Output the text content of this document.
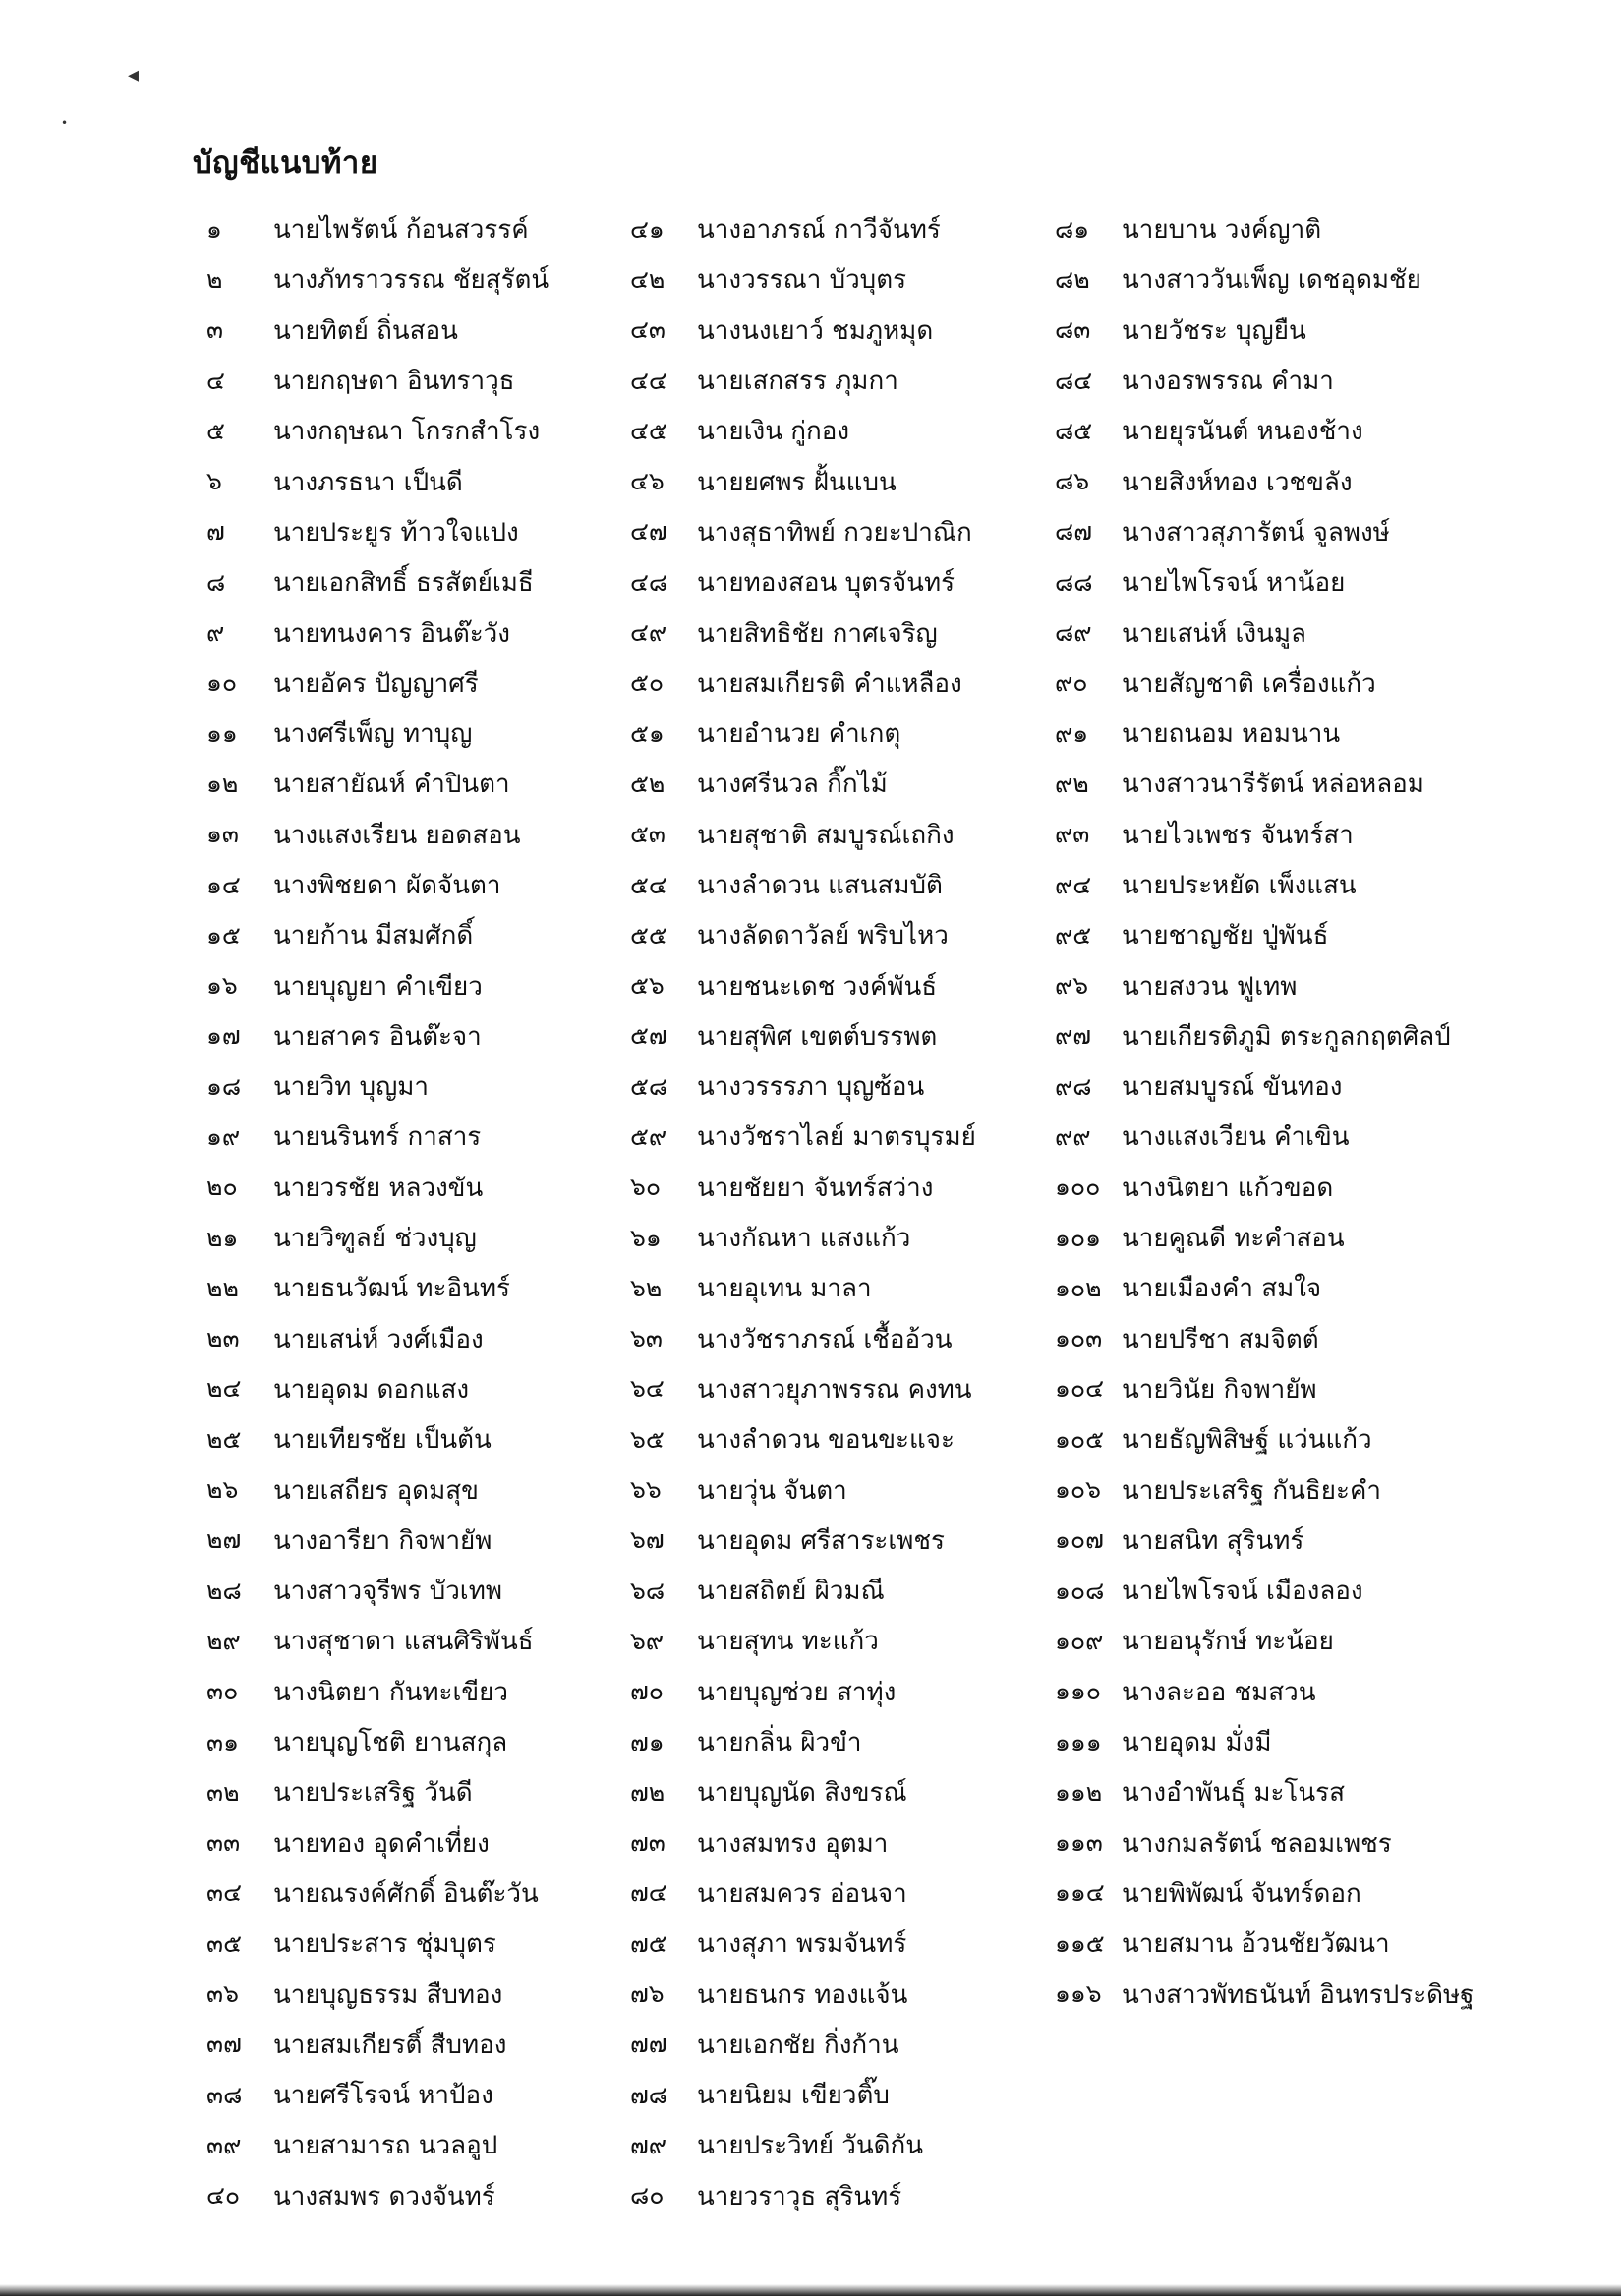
◂
•
บัญชีแนบท้าย
๑	นายไพรัตน์ ก้อนสวรรค์
๒	นางภัทราวรรณ ชัยสุรัตน์
๓	นายทิตย์ ถิ่นสอน
๔	นายกฤษดา อินทราวุธ
๕	นางกฤษณา โกรกสำโรง
๖	นางภรธนา เป็นดี
๗	นายประยูร ท้าวใจแปง
๘	นายเอกสิทธิ์ ธรสัตย์เมธี
๙	นายทนงคาร อินต๊ะวัง
๑๐	นายอัคร ปัญญาศรี
๑๑	นางศรีเพ็ญ ทาบุญ
๑๒	นายสายัณห์ คำปินตา
๑๓	นางแสงเรียน ยอดสอน
๑๔	นางพิชยดา ผัดจันตา
๑๕	นายก้าน มีสมศักดิ์
๑๖	นายบุญยา คำเขียว
๑๗	นายสาคร อินต๊ะจา
๑๘	นายวิท บุญมา
๑๙	นายนรินทร์ กาสาร
๒๐	นายวรชัย หลวงขัน
๒๑	นายวิฑูลย์ ช่วงบุญ
๒๒	นายธนวัฒน์ ทะอินทร์
๒๓	นายเสน่ห์ วงศ์เมือง
๒๔	นายอุดม ดอกแสง
๒๕	นายเทียรชัย เป็นต้น
๒๖	นายเสถียร อุดมสุข
๒๗	นางอารียา กิจพายัพ
๒๘	นางสาวจุรีพร บัวเทพ
๒๙	นางสุชาดา แสนศิริพันธ์
๓๐	นางนิตยา กันทะเขียว
๓๑	นายบุญโชติ ยานสกุล
๓๒	นายประเสริฐ วันดี
๓๓	นายทอง อุดคำเที่ยง
๓๔	นายณรงค์ศักดิ์ อินต๊ะวัน
๓๕	นายประสาร ชุ่มบุตร
๓๖	นายบุญธรรม สืบทอง
๓๗	นายสมเกียรติ์ สืบทอง
๓๘	นายศรีโรจน์ หาป้อง
๓๙	นายสามารถ นวลอูป
๔๐	นางสมพร ดวงจันทร์
๔๑	นางอาภรณ์ กาวีจันทร์
๔๒	นางวรรณา บัวบุตร
๔๓	นางนงเยาว์ ชมภูหมุด
๔๔	นายเสกสรร ภุมกา
๔๕	นายเงิน กู่กอง
๔๖	นายยศพร ฝั้นแบน
๔๗	นางสุธาทิพย์ กวยะปาณิก
๔๘	นายทองสอน บุตรจันทร์
๔๙	นายสิทธิชัย กาศเจริญ
๕๐	นายสมเกียรติ คำแหลือง
๕๑	นายอำนวย คำเกตุ
๕๒	นางศรีนวล กิ๊กไม้
๕๓	นายสุชาติ สมบูรณ์เถกิง
๕๔	นางลำดวน แสนสมบัติ
๕๕	นางลัดดาวัลย์ พริบไหว
๕๖	นายชนะเดช วงค์พันธ์
๕๗	นายสุพิศ เขตต์บรรพต
๕๘	นางวรรรภา บุญซ้อน
๕๙	นางวัชราไลย์ มาตรบุรมย์
๖๐	นายชัยยา จันทร์สว่าง
๖๑	นางกัณหา แสงแก้ว
๖๒	นายอุเทน มาลา
๖๓	นางวัชราภรณ์ เชื้ออ้วน
๖๔	นางสาวยุภาพรรณ คงทน
๖๕	นางลำดวน ขอนขะแจะ
๖๖	นายวุ่น จันตา
๖๗	นายอุดม ศรีสาระเพชร
๖๘	นายสถิตย์ ผิวมณี
๖๙	นายสุทน ทะแก้ว
๗๐	นายบุญช่วย สาทุ่ง
๗๑	นายกลิ่น ผิวขำ
๗๒	นายบุญนัด สิงขรณ์
๗๓	นางสมทรง อุตมา
๗๔	นายสมควร อ่อนจา
๗๕	นางสุภา พรมจันทร์
๗๖	นายธนกร ทองแจ้น
๗๗	นายเอกชัย กิ่งก้าน
๗๘	นายนิยม เขียวติ๊บ
๗๙	นายประวิทย์ วันดิกัน
๘๐	นายวราวุธ สุรินทร์
๘๑	นายบาน วงค์ญาติ
๘๒	นางสาววันเพ็ญ เดชอุดมชัย
๘๓	นายวัชระ บุญยืน
๘๔	นางอรพรรณ คำมา
๘๕	นายยุรนันต์ หนองช้าง
๘๖	นายสิงห์ทอง เวชขลัง
๘๗	นางสาวสุภารัตน์ จูลพงษ์
๘๘	นายไพโรจน์ หาน้อย
๘๙	นายเสน่ห์ เงินมูล
๙๐	นายสัญชาติ เครื่องแก้ว
๙๑	นายถนอม หอมนาน
๙๒	นางสาวนารีรัตน์ หล่อหลอม
๙๓	นายไวเพชร จันทร์สา
๙๔	นายประหยัด เพ็งแสน
๙๕	นายชาญชัย ปู่พันธ์
๙๖	นายสงวน ฟูเทพ
๙๗	นายเกียรติภูมิ ตระกูลกฤตศิลป์
๙๘	นายสมบูรณ์ ขันทอง
๙๙	นางแสงเวียน คำเขิน
๑๐๐ นางนิตยา แก้วขอด
๑๐๑ นายคูณดี ทะคำสอน
๑๐๒ นายเมืองคำ สมใจ
๑๐๓ นายปรีชา สมจิตต์
๑๐๔ นายวินัย กิจพายัพ
๑๐๕ นายธัญพิสิษฐ์ แว่นแก้ว
๑๐๖ นายประเสริฐ กันธิยะคำ
๑๐๗ นายสนิท สุรินทร์
๑๐๘ นายไพโรจน์ เมืองลอง
๑๐๙ นายอนุรักษ์ ทะน้อย
๑๑๐ นางละออ ชมสวน
๑๑๑ นายอุดม มั่งมี
๑๑๒ นางอำพันธุ์ มะโนรส
๑๑๓ นางกมลรัตน์ ชลอมเพชร
๑๑๔ นายพิพัฒน์ จันทร์ดอก
๑๑๕ นายสมาน อ้วนชัยวัฒนา
๑๑๖ นางสาวพัทธนันท์ อินทรประดิษฐ
